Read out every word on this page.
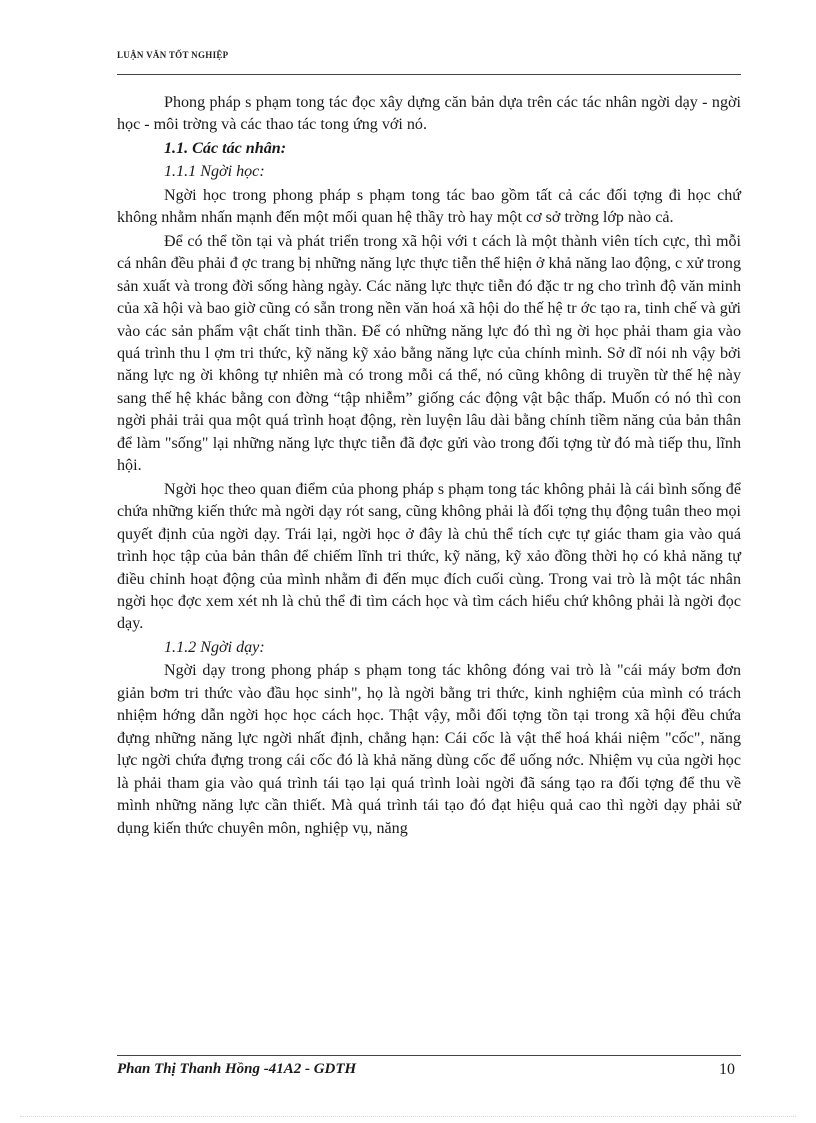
LUẬN VĂN TỐT NGHIỆP

Phong pháp s phạm tong tác đọc xây dựng căn bản dựa trên các tác nhân ngời dạy - ngời học - môi trờng và các thao tác tong ứng với nó.

1.1. Các tác nhân:
1.1.1 Ngời học:

Ngời học trong phong pháp s phạm tong tác bao gồm tất cả các đối tợng đi học chứ không nhằm nhấn mạnh đến một mối quan hệ thầy trò hay một cơ sở trờng lớp nào cả.

Để có thể tồn tại và phát triển trong xã hội với t cách là một thành viên tích cực, thì mỗi cá nhân đều phải đ ợc trang bị những năng lực thực tiễn thể hiện ở khả năng lao động, c xử trong sản xuất và trong đời sống hàng ngày. Các năng lực thực tiễn đó đặc tr ng cho trình độ văn minh của xã hội và bao giờ cũng có sẵn trong nền văn hoá xã hội do thế hệ tr ớc tạo ra, tinh chế và gửi vào các sản phẩm vật chất tinh thần. Để có những năng lực đó thì ng ời học phải tham gia vào quá trình thu l ợm tri thức, kỹ năng kỹ xảo bằng năng lực của chính mình. Sở dĩ nói nh vậy bởi năng lực ng ời không tự nhiên mà có trong mỗi cá thể, nó cũng không di truyền từ thế hệ này sang thế hệ khác bằng con đờng “tập nhiễm” giống các động vật bậc thấp. Muốn có nó thì con ngời phải trải qua một quá trình hoạt động, rèn luyện lâu dài bằng chính tiềm năng của bản thân để làm "sống" lại những năng lực thực tiễn đã đợc gửi vào trong đối tợng từ đó mà tiếp thu, lĩnh hội.

Ngời học theo quan điểm của phong pháp s phạm tong tác không phải là cái bình sống để chứa những kiến thức mà ngời dạy rót sang, cũng không phải là đối tợng thụ động tuân theo mọi quyết định của ngời dạy. Trái lại, ngời học ở đây là chủ thể tích cực tự giác tham gia vào quá trình học tập của bản thân để chiếm lĩnh tri thức, kỹ năng, kỹ xảo đồng thời họ có khả năng tự điều chỉnh hoạt động của mình nhằm đi đến mục đích cuối cùng. Trong vai trò là một tác nhân ngời học đợc xem xét nh là chủ thể đi tìm cách học và tìm cách hiểu chứ không phải là ngời đọc dạy.

1.1.2 Ngời dạy:

Ngời dạy trong phong pháp s phạm tong tác không đóng vai trò là "cái máy bơm đơn giản bơm tri thức vào đầu học sinh", họ là ngời bằng tri thức, kinh nghiệm của mình có trách nhiệm hớng dẫn ngời học học cách học. Thật vậy, mỗi đối tợng tồn tại trong xã hội đều chứa đựng những năng lực ngời nhất định, chẳng hạn: Cái cốc là vật thể hoá khái niệm "cốc", năng lực ngời chứa đựng trong cái cốc đó là khả năng dùng cốc để uống nớc. Nhiệm vụ của ngời học là phải tham gia vào quá trình tái tạo lại quá trình loài ngời đã sáng tạo ra đối tợng để thu về mình những năng lực cần thiết. Mà quá trình tái tạo đó đạt hiệu quả cao thì ngời dạy phải sử dụng kiến thức chuyên môn, nghiệp vụ, năng

Phan Thị Thanh Hồng -41A2 - GDTH	10
